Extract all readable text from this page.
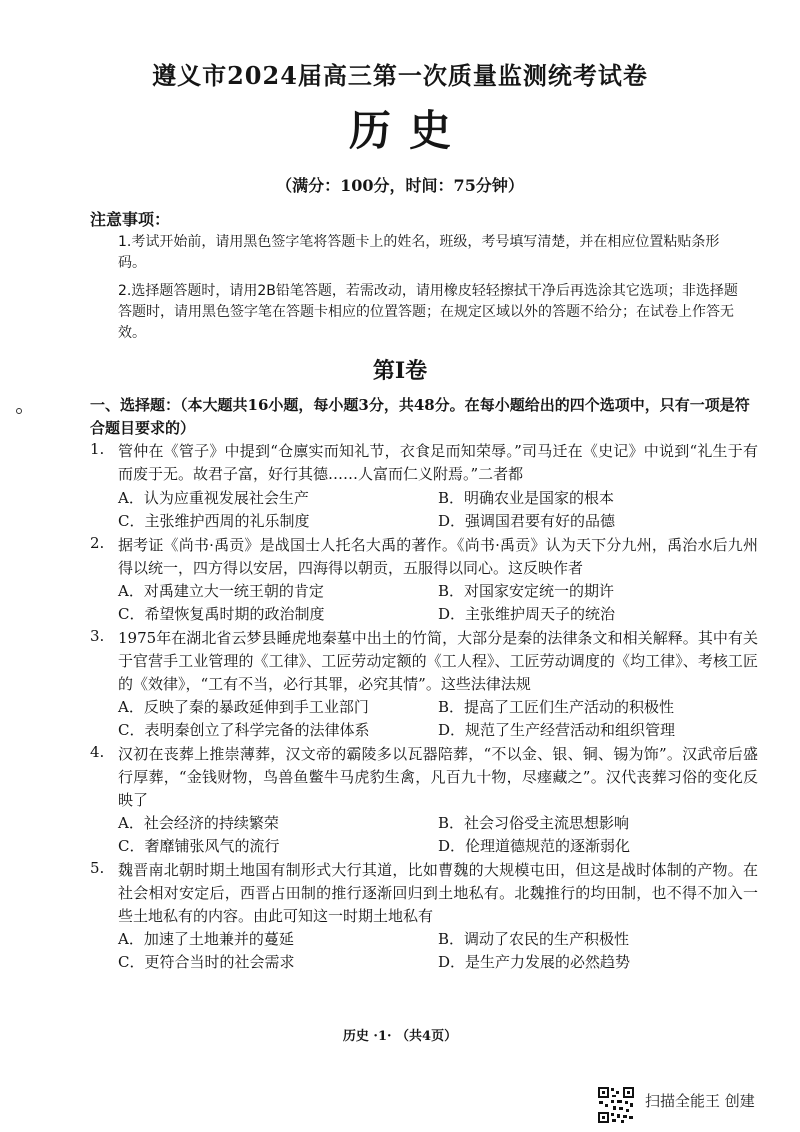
遵义市2024届高三第一次质量监测统考试卷
历史
（满分：100分，时间：75分钟）
注意事项：
1.考试开始前，请用黑色签字笔将答题卡上的姓名，班级，考号填写清楚，并在相应位置粘贴条形码。
2.选择题答题时，请用2B铅笔答题，若需改动，请用橡皮轻轻擦拭干净后再选涂其它选项；非选择题答题时，请用黑色签字笔在答题卡相应的位置答题；在规定区域以外的答题不给分；在试卷上作答无效。
第Ⅰ卷
一、选择题：（本大题共16小题，每小题3分，共48分。在每小题给出的四个选项中，只有一项是符合题目要求的）
1. 管仲在《管子》中提到“仓廪实而知礼节，衣食足而知荣辱。”司马迁在《史记》中说到“礼生于有而废于无。故君子富，好行其德……人富而仁义附焉。”二者都
A．认为应重视发展社会生产	B．明确农业是国家的根本
C．主张维护西周的礼乐制度	D．强调国君要有好的品德
2. 据考证《尚书·禹贡》是战国士人托名大禹的著作。《尚书·禹贡》认为天下分九州，禹治水后九州得以统一，四方得以安居，四海得以朝贡，五服得以同心。这反映作者
A．对禹建立大一统王朝的肯定	B．对国家安定统一的期许
C．希望恢复禹时期的政治制度	D．主张维护周天子的统治
3. 1975年在湖北省云梦县睡虎地秦墓中出土的竹简，大部分是秦的法律条文和相关解释。其中有关于官营手工业管理的《工律》、工匠劳动定额的《工人程》、工匠劳动调度的《均工律》、考核工匠的《效律》，“工有不当，必行其罪，必究其情”。这些法律法规
A．反映了秦的暴政延伸到手工业部门	B．提高了工匠们生产活动的积极性
C．表明秦创立了科学完备的法律体系	D．规范了生产经营活动和组织管理
4. 汉初在丧葬上推崇薄葬，汉文帝的霸陵多以瓦器陪葬，“不以金、银、铜、锡为饰”。汉武帝后盛行厚葬，“金钱财物，鸟兽鱼鳖牛马虎豹生禽，凡百九十物，尽瘗藏之”。汉代丧葬习俗的变化反映了
A．社会经济的持续繁荣	B．社会习俗受主流思想影响
C．奢靡铺张风气的流行	D．伦理道德规范的逐渐弱化
5. 魏晋南北朝时期土地国有制形式大行其道，比如曹魏的大规模屯田，但这是战时体制的产物。在社会相对安定后，西晋占田制的推行逐渐回归到土地私有。北魏推行的均田制，也不得不加入一些土地私有的内容。由此可知这一时期土地私有
A．加速了土地兼并的蔓延	B．调动了农民的生产积极性
C．更符合当时的社会需求	D．是生产力发展的必然趋势
历史 ·1· （共4页）
扫描全能王 创建
